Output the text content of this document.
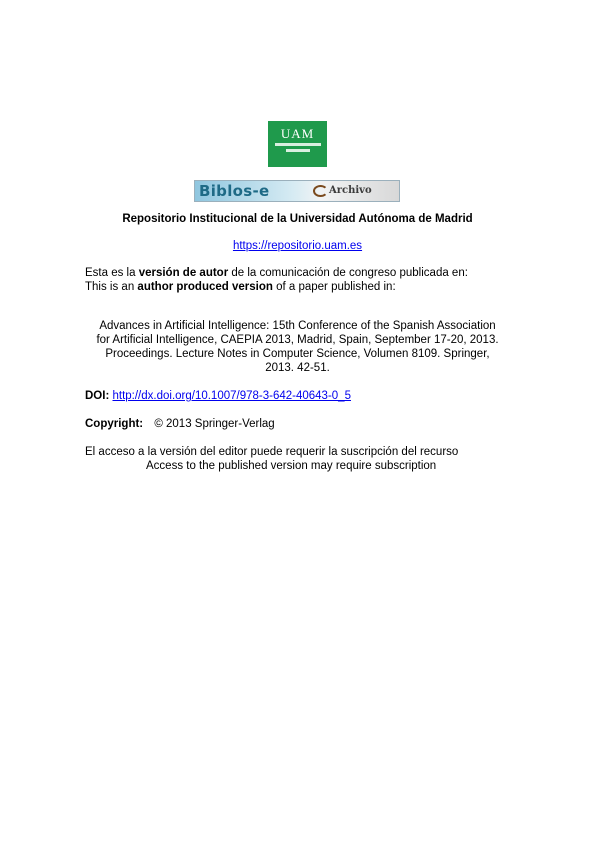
UAM
Biblos-e	Archivo
Repositorio Institucional de la Universidad Autónoma de Madrid
https://repositorio.uam.es
Esta es la versión de autor de la comunicación de congreso publicada en:
This is an author produced version of a paper published in:
Advances in Artificial Intelligence: 15th Conference of the Spanish Association
for Artificial Intelligence, CAEPIA 2013, Madrid, Spain, September 17-20, 2013.
Proceedings. Lecture Notes in Computer Science, Volumen 8109. Springer,
2013. 42-51.
DOI: http://dx.doi.org/10.1007/978-3-642-40643-0_5
Copyright: © 2013 Springer-Verlag
El acceso a la versión del editor puede requerir la suscripción del recurso
Access to the published version may require subscription
